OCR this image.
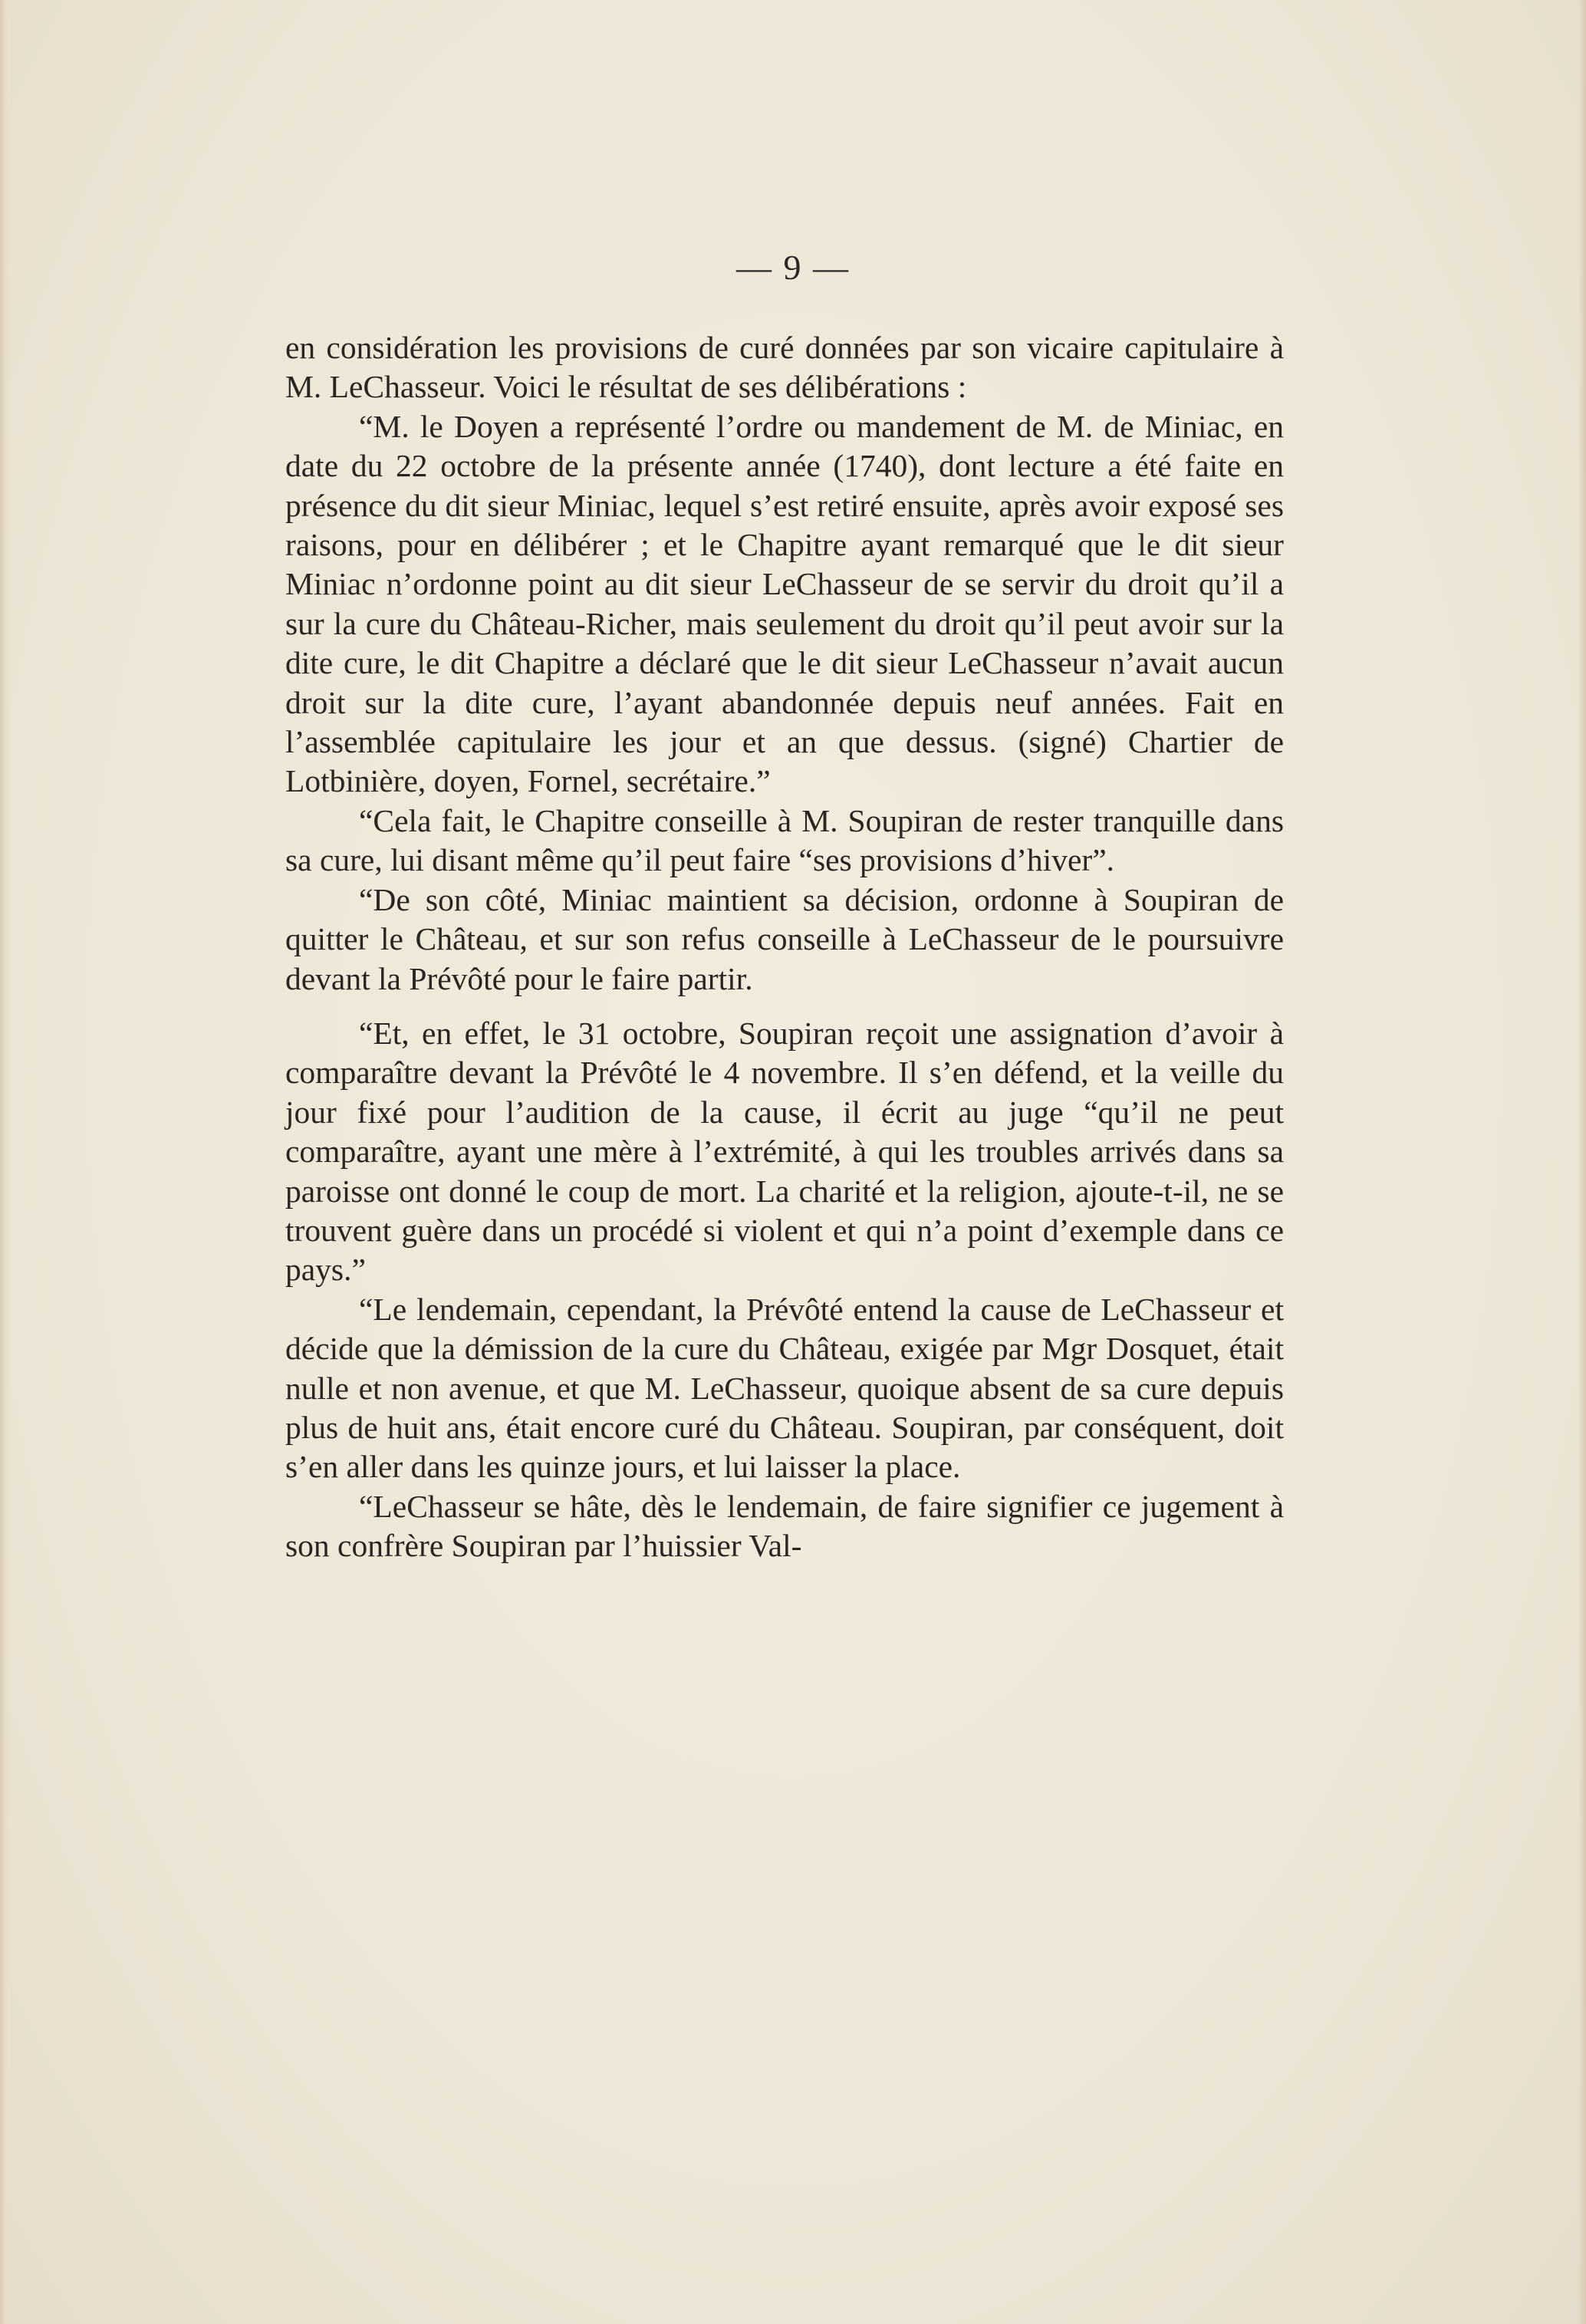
— 9 —

en considération les provisions de curé données par son vicaire capitulaire à M. LeChasseur. Voici le résultat de ses délibérations :

“M. le Doyen a représenté l’ordre ou mandement de M. de Miniac, en date du 22 octobre de la présente année (1740), dont lecture a été faite en présence du dit sieur Miniac, lequel s’est retiré ensuite, après avoir exposé ses raisons, pour en délibérer ; et le Chapitre ayant remarqué que le dit sieur Miniac n’ordonne point au dit sieur LeChasseur de se servir du droit qu’il a sur la cure du Château-Richer, mais seulement du droit qu’il peut avoir sur la dite cure, le dit Chapitre a déclaré que le dit sieur LeChasseur n’avait aucun droit sur la dite cure, l’ayant abandonnée depuis neuf années. Fait en l’assemblée capitulaire les jour et an que dessus. (signé) Chartier de Lotbinière, doyen, Fornel, secrétaire.”

“Cela fait, le Chapitre conseille à M. Soupiran de rester tranquille dans sa cure, lui disant même qu’il peut faire “ses provisions d’hiver”.

“De son côté, Miniac maintient sa décision, ordonne à Soupiran de quitter le Château, et sur son refus conseille à LeChasseur de le poursuivre devant la Prévôté pour le faire partir.

“Et, en effet, le 31 octobre, Soupiran reçoit une assignation d’avoir à comparaître devant la Prévôté le 4 novembre. Il s’en défend, et la veille du jour fixé pour l’audition de la cause, il écrit au juge “qu’il ne peut comparaître, ayant une mère à l’extrémité, à qui les troubles arrivés dans sa paroisse ont donné le coup de mort. La charité et la religion, ajoute-t-il, ne se trouvent guère dans un procédé si violent et qui n’a point d’exemple dans ce pays.”

“Le lendemain, cependant, la Prévôté entend la cause de LeChasseur et décide que la démission de la cure du Château, exigée par Mgr Dosquet, était nulle et non avenue, et que M. LeChasseur, quoique absent de sa cure depuis plus de huit ans, était encore curé du Château. Soupiran, par conséquent, doit s’en aller dans les quinze jours, et lui laisser la place.

“LeChasseur se hâte, dès le lendemain, de faire signifier ce jugement à son confrère Soupiran par l’huissier Val-
